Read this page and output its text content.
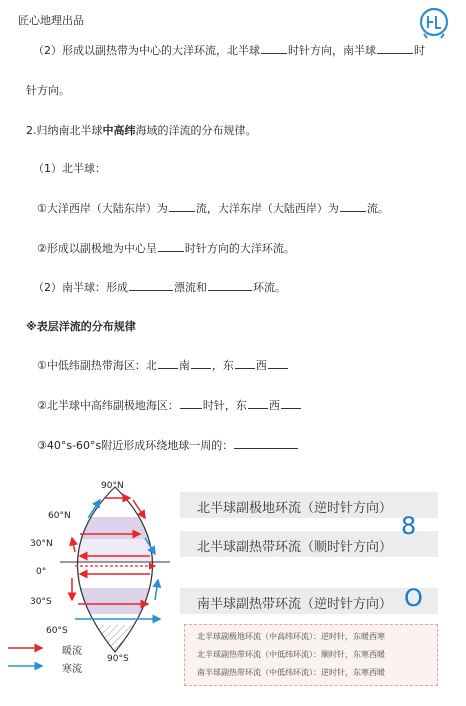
匠心地理出品
（2）形成以副热带为中心的大洋环流，北半球	时针方向，南半球	时
针方向。
2.归纳南北半球中高纬海域的洋流的分布规律。
（1）北半球：
①大洋西岸（大陆东岸）为	流，大洋东岸（大陆西岸）为	流。
②形成以副极地为中心呈	时针方向的大洋环流。
（2）南半球：形成	漂流和	环流。
※表层洋流的分布规律
①中低纬副热带海区：北 南 ，东 西
②北半球中高纬副极地海区： 时针，东 西
③40°s-60°s附近形成环绕地球一周的：
北半球副极地环流（逆时针方向）
北半球副热带环流（顺时针方向）
南半球副热带环流（逆时针方向）
8
O
90°N
60°N
30°N
0°
30°S
60°S
90°S
暖流
寒流
北半球副极地环流（中高纬环流）：逆时针，东暖西寒
北半球副热带环流（中低纬环流）：顺时针，东寒西暖
南半球副热带环流（中低纬环流）：逆时针，东寒西暖
